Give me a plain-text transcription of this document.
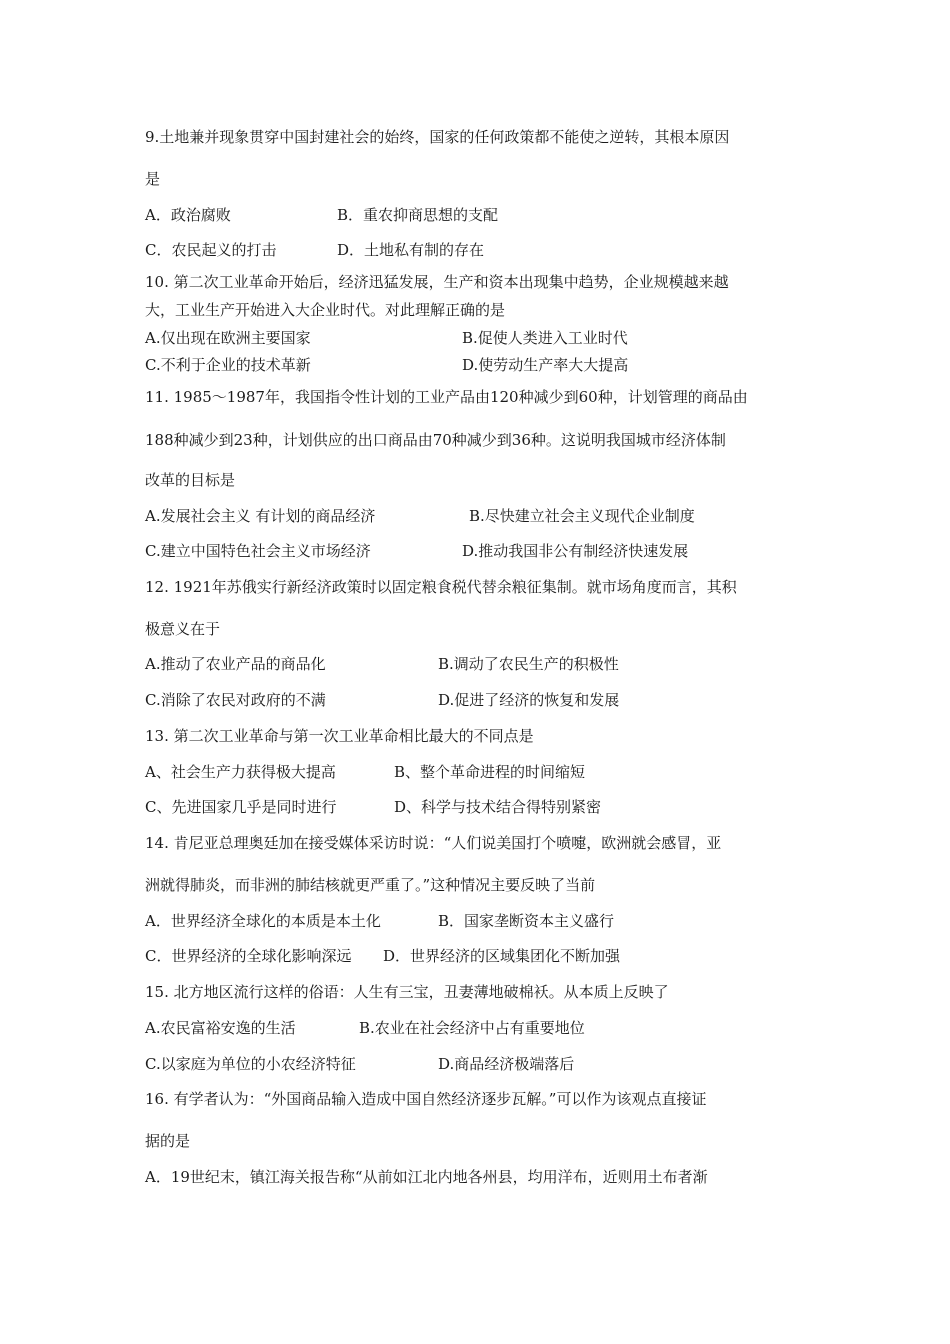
9.土地兼并现象贯穿中国封建社会的始终，国家的任何政策都不能使之逆转，其根本原因
是
A．政治腐败	B．重农抑商思想的支配
C．农民起义的打击	D．土地私有制的存在
10. 第二次工业革命开始后，经济迅猛发展，生产和资本出现集中趋势，企业规模越来越
大，工业生产开始进入大企业时代。对此理解正确的是
A.仅出现在欧洲主要国家	B.促使人类进入工业时代
C.不利于企业的技术革新	D.使劳动生产率大大提高
11. 1985～1987年，我国指令性计划的工业产品由120种减少到60种，计划管理的商品由
188种减少到23种，计划供应的出口商品由70种减少到36种。这说明我国城市经济体制
改革的目标是
A.发展社会主义 有计划的商品经济	B.尽快建立社会主义现代企业制度
C.建立中国特色社会主义市场经济	D.推动我国非公有制经济快速发展
12. 1921年苏俄实行新经济政策时以固定粮食税代替余粮征集制。就市场角度而言，其积
极意义在于
A.推动了农业产品的商品化	B.调动了农民生产的积极性
C.消除了农民对政府的不满	D.促进了经济的恢复和发展
13. 第二次工业革命与第一次工业革命相比最大的不同点是
A、社会生产力获得极大提高	B、整个革命进程的时间缩短
C、先进国家几乎是同时进行	D、科学与技术结合得特别紧密
14. 肯尼亚总理奥廷加在接受媒体采访时说：“人们说美国打个喷嚏，欧洲就会感冒，亚
洲就得肺炎，而非洲的肺结核就更严重了。”这种情况主要反映了当前
A．世界经济全球化的本质是本土化	B．国家垄断资本主义盛行
C．世界经济的全球化影响深远 D．世界经济的区域集团化不断加强
15. 北方地区流行这样的俗语：人生有三宝，丑妻薄地破棉袄。从本质上反映了
A.农民富裕安逸的生活	B.农业在社会经济中占有重要地位
C.以家庭为单位的小农经济特征	D.商品经济极端落后
16. 有学者认为：“外国商品输入造成中国自然经济逐步瓦解。”可以作为该观点直接证
据的是
A．19世纪末，镇江海关报告称“从前如江北内地各州县，均用洋布，近则用土布者渐
